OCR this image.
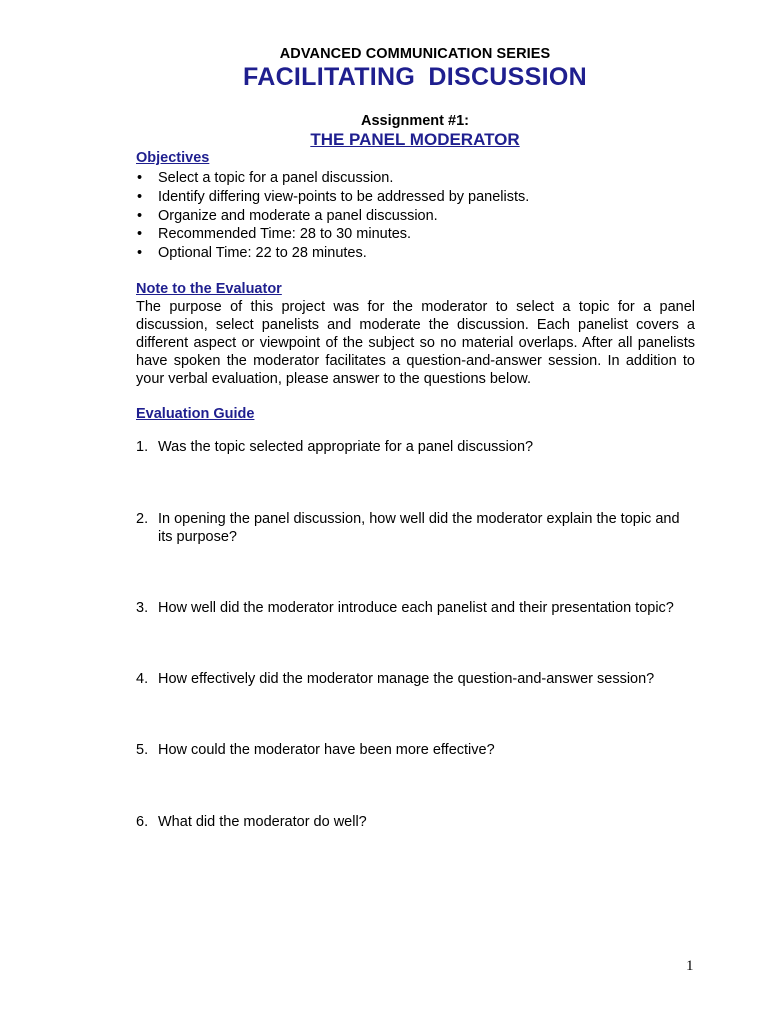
ADVANCED COMMUNICATION SERIES
FACILITATING DISCUSSION
Assignment #1:
THE PANEL MODERATOR
Objectives
• Select a topic for a panel discussion.
• Identify differing view-points to be addressed by panelists.
• Organize and moderate a panel discussion.
• Recommended Time: 28 to 30 minutes.
• Optional Time: 22 to 28 minutes.
Note to the Evaluator

The purpose of this project was for the moderator to select a topic for a panel discussion, select panelists and moderate the discussion. Each panelist covers a different aspect or viewpoint of the subject so no material overlaps. After all panelists have spoken the moderator facilitates a question-and-answer session. In addition to your verbal evaluation, please answer to the questions below.

Evaluation Guide
1. Was the topic selected appropriate for a panel discussion?
2. In opening the panel discussion, how well did the moderator explain the topic and its purpose?
3. How well did the moderator introduce each panelist and their presentation topic?
4. How effectively did the moderator manage the question-and-answer session?
5. How could the moderator have been more effective?
6. What did the moderator do well?
1
